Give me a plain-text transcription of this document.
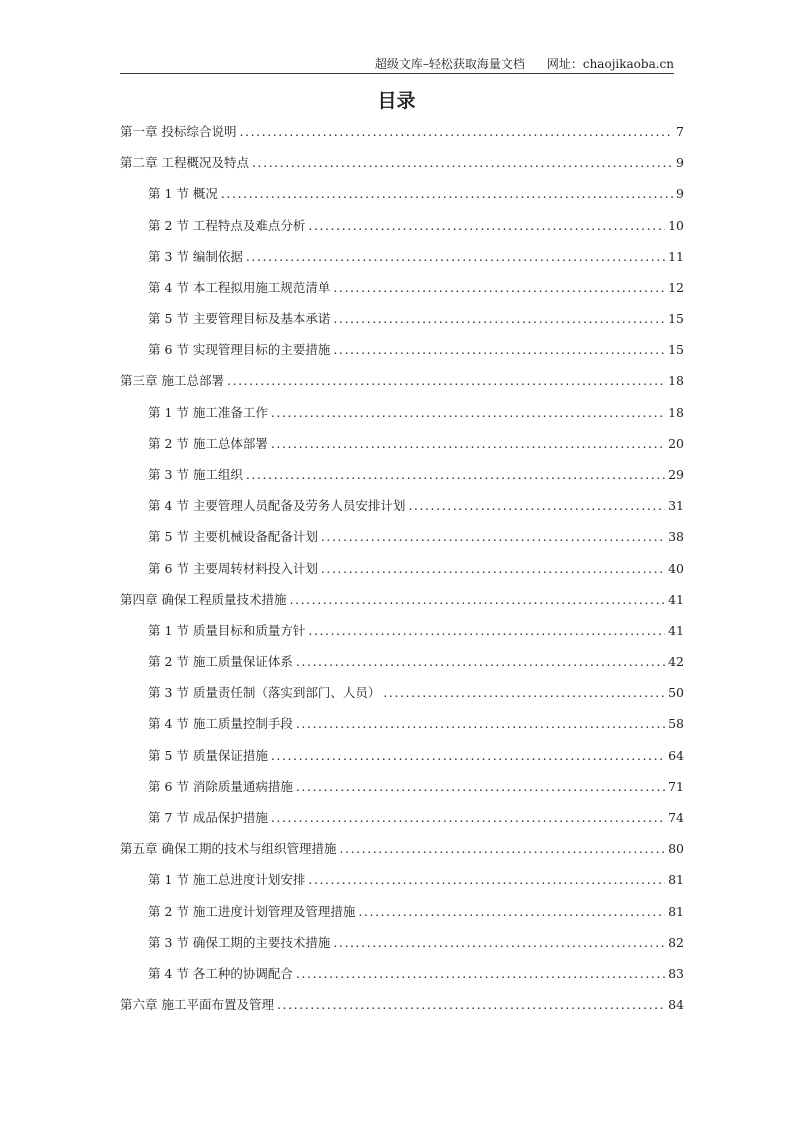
超级文库–轻松获取海量文档 网址：chaojikaoba.cn
目录
第一章 投标综合说明 . . .	7
第二章 工程概况及特点 . . .	9
第 1 节 概况 . . .	9
第 2 节 工程特点及难点分析 . . .	10
第 3 节 编制依据 . . .	11
第 4 节 本工程拟用施工规范清单 . . .	12
第 5 节 主要管理目标及基本承诺 . . .	15
第 6 节 实现管理目标的主要措施 . . .	15
第三章 施工总部署 . . .	18
第 1 节 施工准备工作 . . .	18
第 2 节 施工总体部署 . . .	20
第 3 节 施工组织 . . .	29
第 4 节 主要管理人员配备及劳务人员安排计划 . . .	31
第 5 节 主要机械设备配备计划 . . .	38
第 6 节 主要周转材料投入计划 . . .	40
第四章 确保工程质量技术措施 . . .	41
第 1 节 质量目标和质量方针 . . .	41
第 2 节 施工质量保证体系 . . .	42
第 3 节 质量责任制（落实到部门、人员） . . .	50
第 4 节 施工质量控制手段 . . .	58
第 5 节 质量保证措施 . . .	64
第 6 节 消除质量通病措施 . . .	71
第 7 节 成品保护措施 . . .	74
第五章 确保工期的技术与组织管理措施 . . .	80
第 1 节 施工总进度计划安排 . . .	81
第 2 节 施工进度计划管理及管理措施 . . .	81
第 3 节 确保工期的主要技术措施 . . .	82
第 4 节 各工种的协调配合 . . .	83
第六章 施工平面布置及管理 . . .	84
